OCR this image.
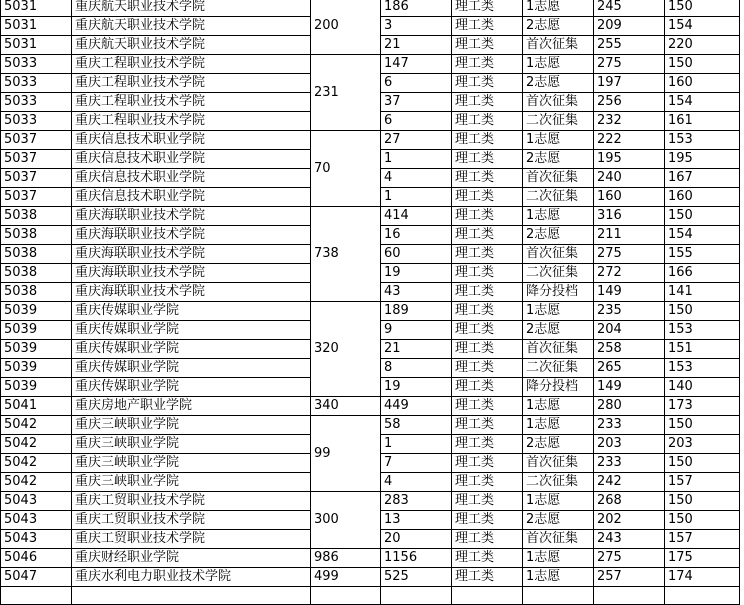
5031	重庆航天职业技术学院	200	186	理工类	1志愿	245	150
5031	重庆航天职业技术学院		3	理工类	2志愿	209	154
5031	重庆航天职业技术学院		21	理工类	首次征集	255	220
5033	重庆工程职业技术学院	231	147	理工类	1志愿	275	150
5033	重庆工程职业技术学院		6	理工类	2志愿	197	160
5033	重庆工程职业技术学院		37	理工类	首次征集	256	154
5033	重庆工程职业技术学院		6	理工类	二次征集	232	161
5037	重庆信息技术职业学院	70	27	理工类	1志愿	222	153
5037	重庆信息技术职业学院		1	理工类	2志愿	195	195
5037	重庆信息技术职业学院		4	理工类	首次征集	240	167
5037	重庆信息技术职业学院		1	理工类	二次征集	160	160
5038	重庆海联职业技术学院	738	414	理工类	1志愿	316	150
5038	重庆海联职业技术学院		16	理工类	2志愿	211	154
5038	重庆海联职业技术学院		60	理工类	首次征集	275	155
5038	重庆海联职业技术学院		19	理工类	二次征集	272	166
5038	重庆海联职业技术学院		43	理工类	降分投档	149	141
5039	重庆传媒职业学院	320	189	理工类	1志愿	235	150
5039	重庆传媒职业学院		9	理工类	2志愿	204	153
5039	重庆传媒职业学院		21	理工类	首次征集	258	151
5039	重庆传媒职业学院		8	理工类	二次征集	265	153
5039	重庆传媒职业学院		19	理工类	降分投档	149	140
5041	重庆房地产职业学院	340	449	理工类	1志愿	280	173
5042	重庆三峡职业学院	99	58	理工类	1志愿	233	150
5042	重庆三峡职业学院		1	理工类	2志愿	203	203
5042	重庆三峡职业学院		7	理工类	首次征集	233	150
5042	重庆三峡职业学院		4	理工类	二次征集	242	157
5043	重庆工贸职业技术学院	300	283	理工类	1志愿	268	150
5043	重庆工贸职业技术学院		13	理工类	2志愿	202	150
5043	重庆工贸职业技术学院		20	理工类	首次征集	243	157
5046	重庆财经职业学院	986	1156	理工类	1志愿	275	175
5047	重庆水利电力职业技术学院	499	525	理工类	1志愿	257	174
